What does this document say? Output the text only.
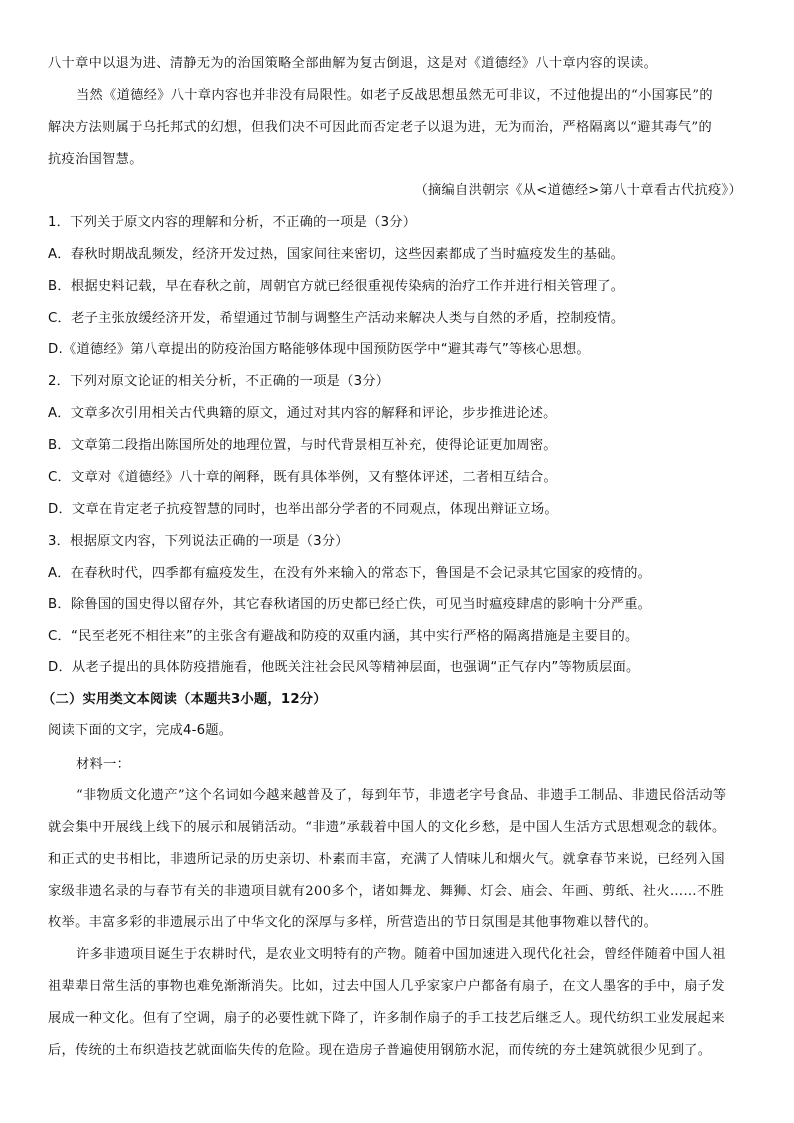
八十章中以退为进、清静无为的治国策略全部曲解为复古倒退，这是对《道德经》八十章内容的误读。
当然《道德经》八十章内容也并非没有局限性。如老子反战思想虽然无可非议，不过他提出的“小国寡民”的
解决方法则属于乌托邦式的幻想，但我们决不可因此而否定老子以退为进，无为而治，严格隔离以“避其毒气”的
抗疫治国智慧。
（摘编自洪朝宗《从<道德经>第八十章看古代抗疫》）
1．下列关于原文内容的理解和分析，不正确的一项是（3分）
A．春秋时期战乱频发，经济开发过热，国家间往来密切，这些因素都成了当时瘟疫发生的基础。
B．根据史料记载，早在春秋之前，周朝官方就已经很重视传染病的治疗工作并进行相关管理了。
C．老子主张放缓经济开发，希望通过节制与调整生产活动来解决人类与自然的矛盾，控制疫情。
D.《道德经》第八章提出的防疫治国方略能够体现中国预防医学中“避其毒气”等核心思想。
2．下列对原文论证的相关分析，不正确的一项是（3分）
A．文章多次引用相关古代典籍的原文，通过对其内容的解释和评论，步步推进论述。
B．文章第二段指出陈国所处的地理位置，与时代背景相互补充，使得论证更加周密。
C．文章对《道德经》八十章的阐释，既有具体举例，又有整体评述，二者相互结合。
D．文章在肯定老子抗疫智慧的同时，也举出部分学者的不同观点，体现出辩证立场。
3．根据原文内容，下列说法正确的一项是（3分）
A．在春秋时代，四季都有瘟疫发生，在没有外来输入的常态下，鲁国是不会记录其它国家的疫情的。
B．除鲁国的国史得以留存外，其它春秋诸国的历史都已经亡佚，可见当时瘟疫肆虐的影响十分严重。
C．“民至老死不相往来”的主张含有避战和防疫的双重内涵，其中实行严格的隔离措施是主要目的。
D．从老子提出的具体防疫措施看，他既关注社会民风等精神层面，也强调“正气存内”等物质层面。
（二）实用类文本阅读（本题共3小题，12分）
阅读下面的文字，完成4-6题。
材料一：
“非物质文化遗产”这个名词如今越来越普及了，每到年节，非遗老字号食品、非遗手工制品、非遗民俗活动等
就会集中开展线上线下的展示和展销活动。“非遗”承载着中国人的文化乡愁，是中国人生活方式思想观念的载体。
和正式的史书相比，非遗所记录的历史亲切、朴素而丰富，充满了人情味儿和烟火气。就拿春节来说，已经列入国
家级非遗名录的与春节有关的非遗项目就有200多个，诸如舞龙、舞狮、灯会、庙会、年画、剪纸、社火……不胜
枚举。丰富多彩的非遗展示出了中华文化的深厚与多样，所营造出的节日氛围是其他事物难以替代的。
许多非遗项目诞生于农耕时代，是农业文明特有的产物。随着中国加速进入现代化社会，曾经伴随着中国人祖
祖辈辈日常生活的事物也难免渐渐消失。比如，过去中国人几乎家家户户都备有扇子，在文人墨客的手中，扇子发
展成一种文化。但有了空调，扇子的必要性就下降了，许多制作扇子的手工技艺后继乏人。现代纺织工业发展起来
后，传统的土布织造技艺就面临失传的危险。现在造房子普遍使用钢筋水泥，而传统的夯土建筑就很少见到了。
